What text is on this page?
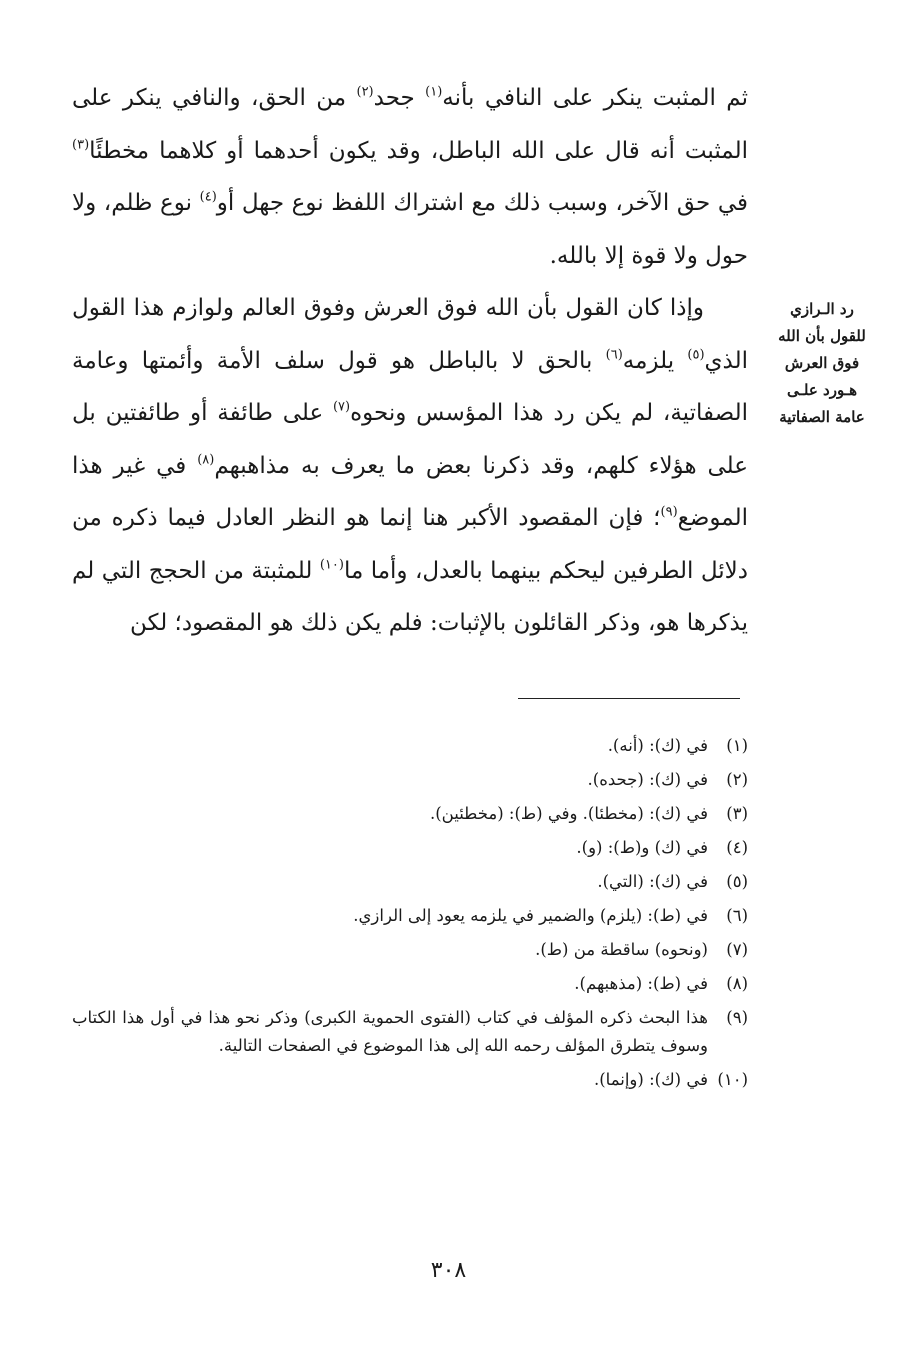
ثم المثبت ينكر على النافي بأنه$^{(١)}$ جحد$^{(٢)}$ من الحق، والنافي ينكر على المثبت أنه قال على الله الباطل، وقد يكون أحدهما أو كلاهما مخطئًا$^{(٣)}$ في حق الآخر، وسبب ذلك مع اشتراك اللفظ نوع جهل أو$^{(٤)}$ نوع ظلم، ولا حول ولا قوة إلا بالله.

وإذا كان القول بأن الله فوق العرش وفوق العالم ولوازم هذا القول الذي$^{(٥)}$ يلزمه$^{(٦)}$ بالحق لا بالباطل هو قول سلف الأمة وأئمتها وعامة الصفاتية، لم يكن رد هذا المؤسس ونحوه$^{(٧)}$ على طائفة أو طائفتين بل على هؤلاء كلهم، وقد ذكرنا بعض ما يعرف به مذاهبهم$^{(٨)}$ في غير هذا الموضع$^{(٩)}$؛ فإن المقصود الأكبر هنا إنما هو النظر العادل فيما ذكره من دلائل الطرفين ليحكم بينهما بالعدل، وأما ما$^{(١٠)}$ للمثبتة من الحجج التي لم يذكرها هو، وذكر القائلون بالإثبات: فلم يكن ذلك هو المقصود؛ لكن

رد الـرازي
للقول بأن الله
فوق العرش
هـورد علـى
عامة الصفاتية
(١)
في (ك): (أنه).
(٢)
في (ك): (جحده).
(٣)
في (ك): (مخطئا). وفي (ط): (مخطئين).
(٤)
في (ك) و(ط): (و).
(٥)
في (ك): (التي).
(٦)
في (ط): (يلزم) والضمير في يلزمه يعود إلى الرازي.
(٧)
(ونحوه) ساقطة من (ط).
(٨)
في (ط): (مذهبهم).
(٩)
هذا البحث ذكره المؤلف في كتاب (الفتوى الحموية الكبرى) وذكر نحو هذا في أول هذا الكتاب وسوف يتطرق المؤلف رحمه الله إلى هذا الموضوع في الصفحات التالية.
(١٠)
في (ك): (وإنما).
٣٠٨
